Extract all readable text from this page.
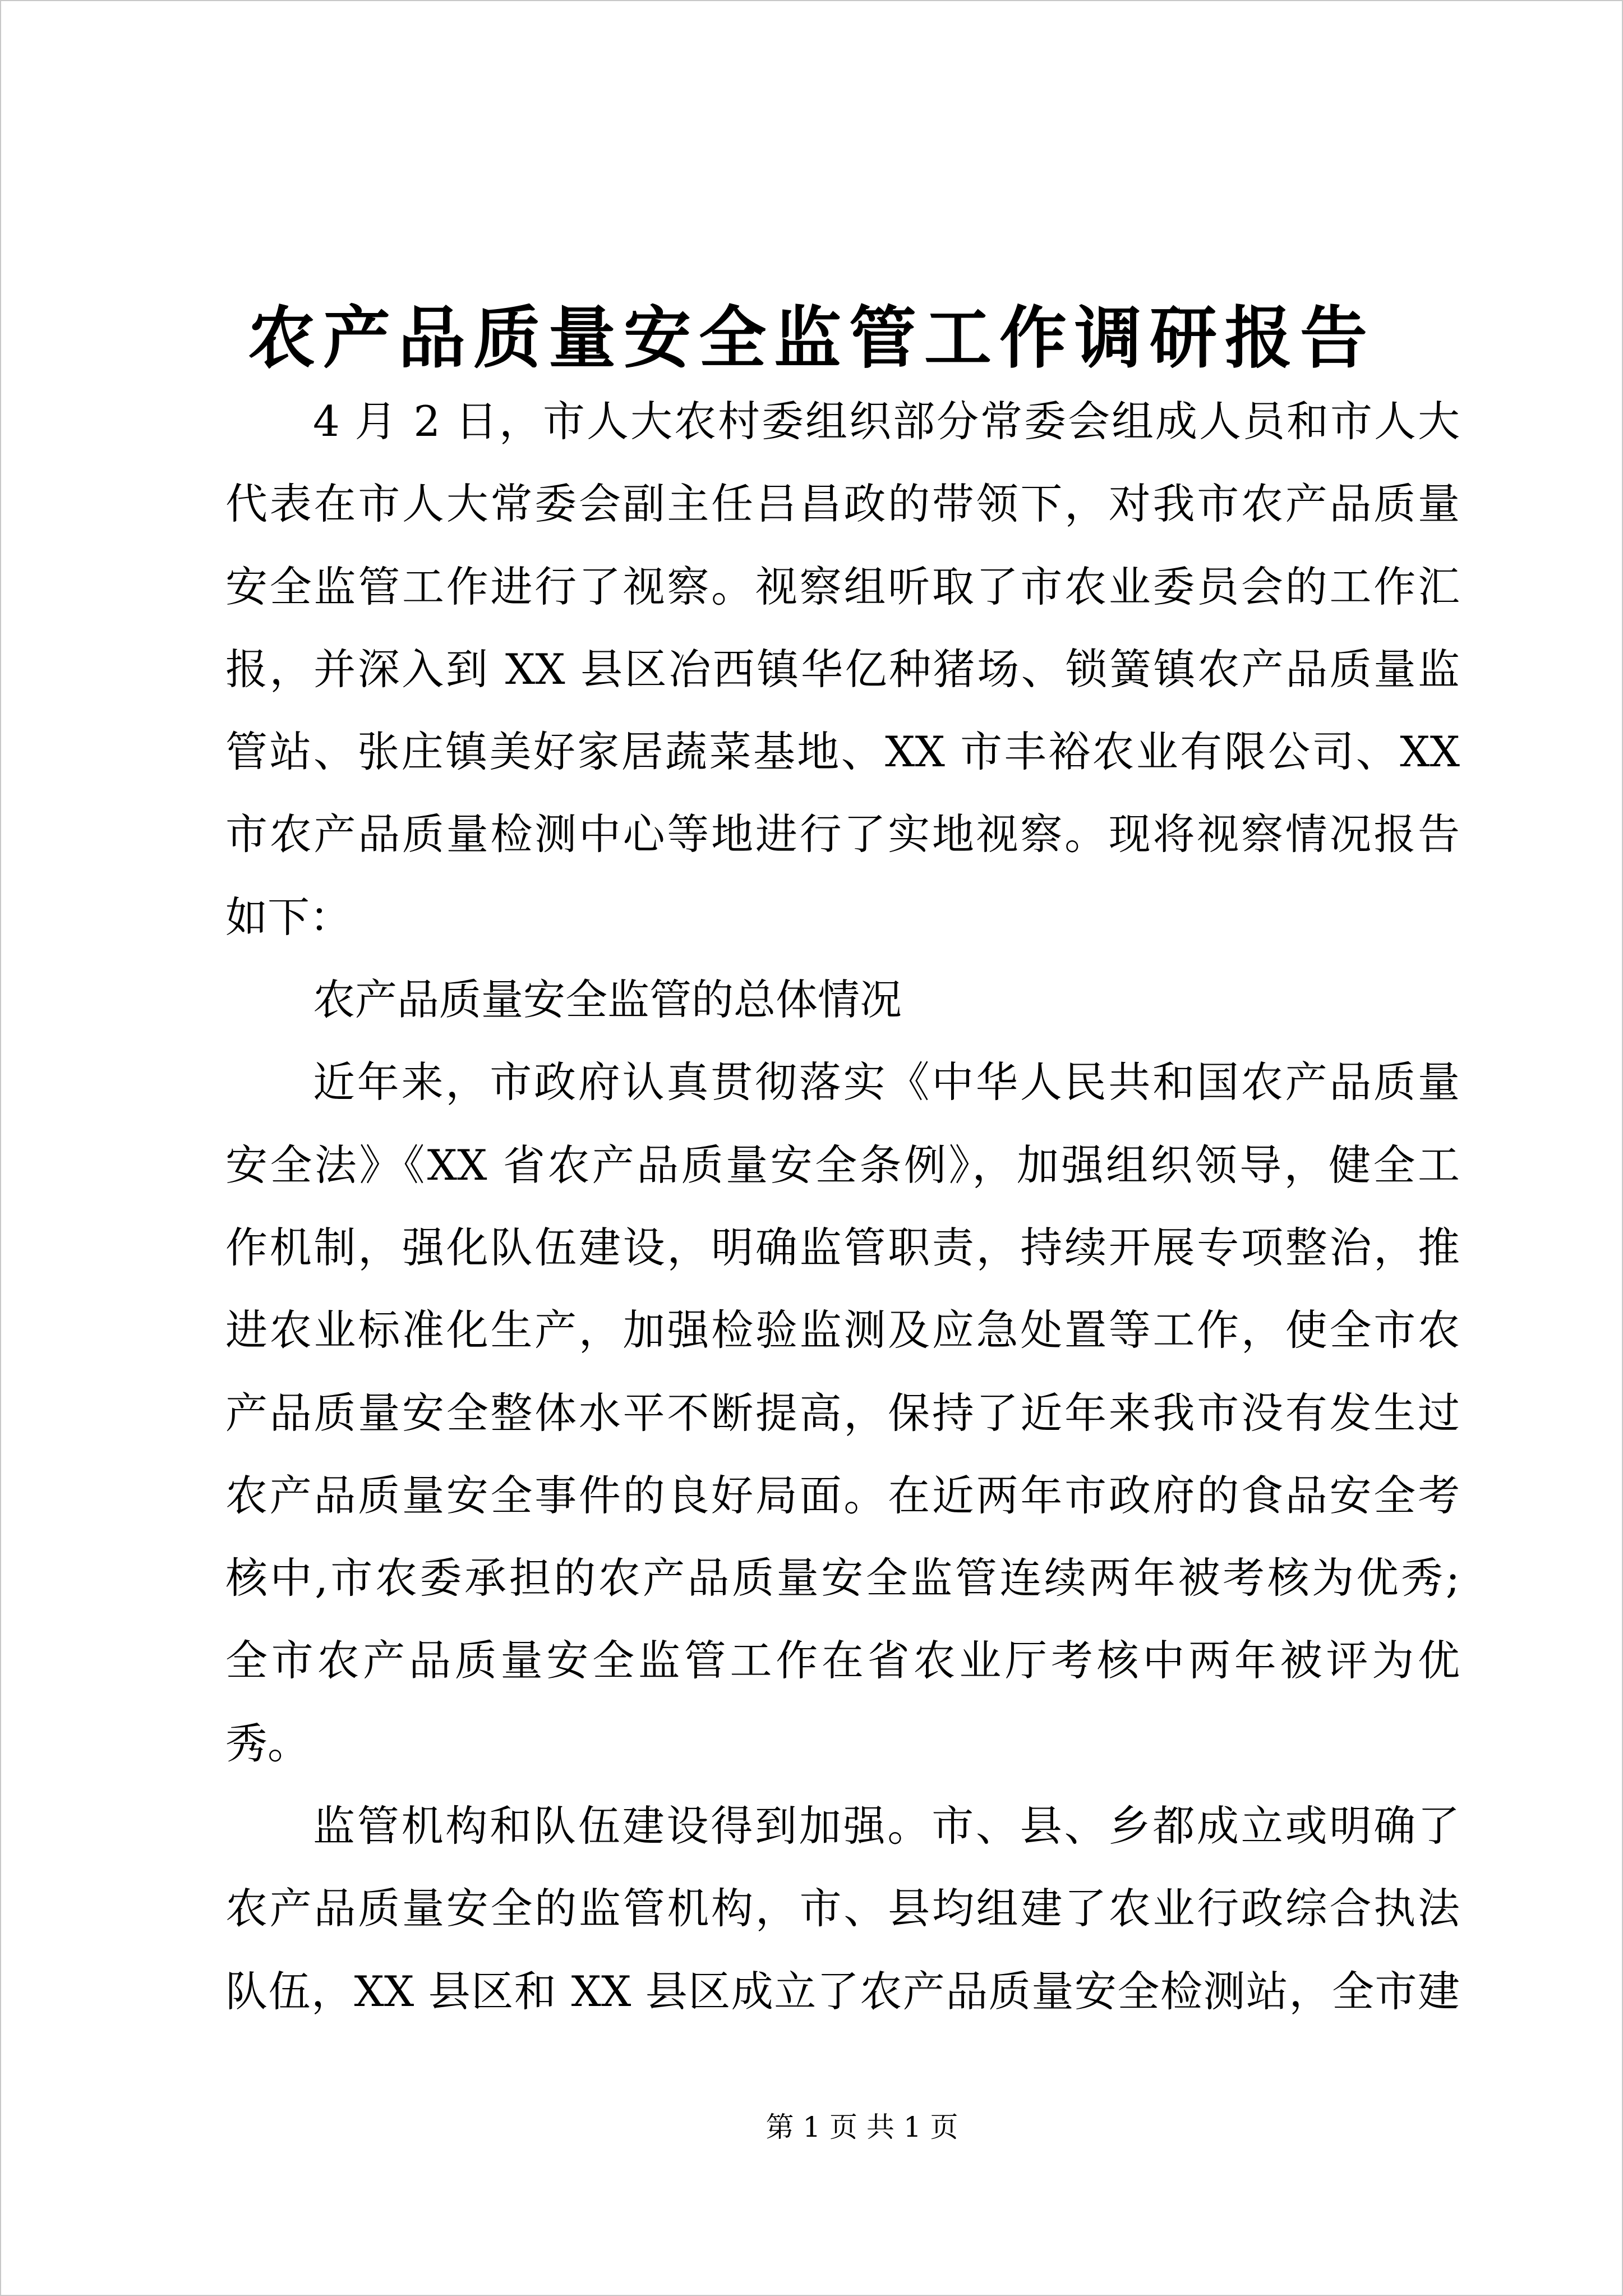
农产品质量安全监管工作调研报告
4 月 2 日，市人大农村委组织部分常委会组成人员和市人大
代表在市人大常委会副主任吕昌政的带领下，对我市农产品质量
安全监管工作进行了视察。视察组听取了市农业委员会的工作汇
报，并深入到 XX 县区冶西镇华亿种猪场、锁簧镇农产品质量监
管站、张庄镇美好家居蔬菜基地、XX 市丰裕农业有限公司、XX
市农产品质量检测中心等地进行了实地视察。现将视察情况报告
如下：
农产品质量安全监管的总体情况
近年来，市政府认真贯彻落实《中华人民共和国农产品质量
安全法》《XX 省农产品质量安全条例》，加强组织领导，健全工
作机制，强化队伍建设，明确监管职责，持续开展专项整治，推
进农业标准化生产，加强检验监测及应急处置等工作，使全市农
产品质量安全整体水平不断提高，保持了近年来我市没有发生过
农产品质量安全事件的良好局面。在近两年市政府的食品安全考
核中,市农委承担的农产品质量安全监管连续两年被考核为优秀;
全市农产品质量安全监管工作在省农业厅考核中两年被评为优
秀。
监管机构和队伍建设得到加强。市、县、乡都成立或明确了
农产品质量安全的监管机构，市、县均组建了农业行政综合执法
队伍，XX 县区和 XX 县区成立了农产品质量安全检测站，全市建
第 1 页 共 1 页
